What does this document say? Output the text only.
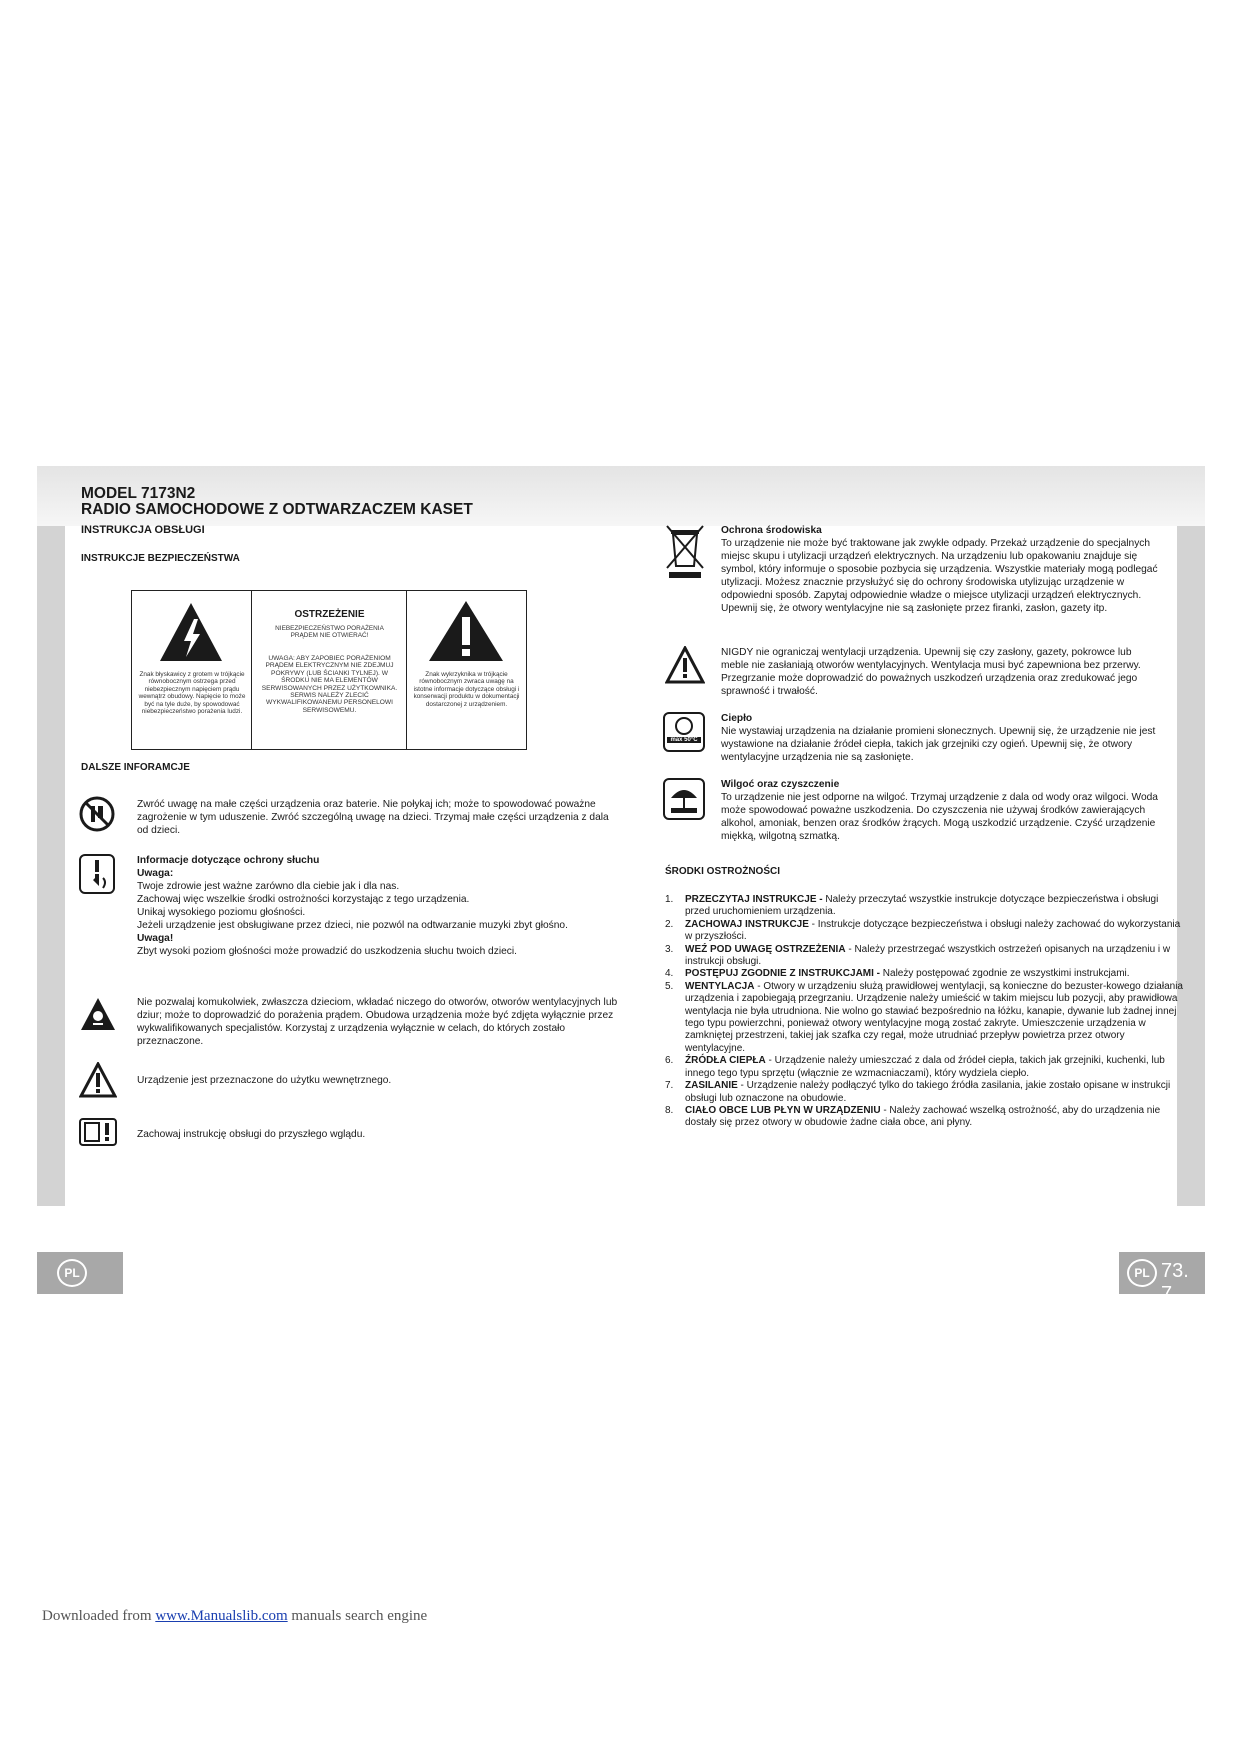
MODEL 7173N2
RADIO SAMOCHODOWE Z ODTWARZACZEM KASET
INSTRUKCJA OBSŁUGI
INSTRUKCJE BEZPIECZEŃSTWA
Znak błyskawicy z grotem w trójkącie równobocznym ostrzega przed niebezpiecznym napięciem prądu wewnątrz obudowy. Napięcie to może być na tyle duże, by spowodować niebezpieczeństwo porażenia ludzi.
OSTRZEŻENIE
NIEBEZPIECZEŃSTWO PORAŻENIA PRĄDEM NIE OTWIERAĆ!
UWAGA: ABY ZAPOBIEC PORAŻENIOM PRĄDEM ELEKTRYCZNYM NIE ZDEJMUJ POKRYWY (LUB ŚCIANKI TYLNEJ). W ŚRODKU NIE MA ELEMENTÓW SERWISOWANYCH PRZEZ UŻYTKOWNIKA. SERWIS NALEŻY ZLECIĆ WYKWALIFIKOWANEMU PERSONELOWI SERWISOWEMU.
Znak wykrzyknika w trójkącie równobocznym zwraca uwagę na istotne informacje dotyczące obsługi i konserwacji produktu w dokumentacji dostarczonej z urządzeniem.
DALSZE INFORAMCJE
Zwróć uwagę na małe części urządzenia oraz baterie. Nie połykaj ich; może to spowodować poważne zagrożenie w tym uduszenie. Zwróć szczególną uwagę na dzieci. Trzymaj małe części urządzenia z dala od dzieci.
Informacje dotyczące ochrony słuchu
Uwaga:
Twoje zdrowie jest ważne zarówno dla ciebie jak i dla nas.
Zachowaj więc wszelkie środki ostrożności korzystając z tego urządzenia.
Unikaj wysokiego poziomu głośności.
Jeżeli urządzenie jest obsługiwane przez dzieci, nie pozwól na odtwarzanie muzyki zbyt głośno.
Uwaga!
Zbyt wysoki poziom głośności może prowadzić do uszkodzenia słuchu twoich dzieci.
Nie pozwalaj komukolwiek, zwłaszcza dzieciom, wkładać niczego do otworów, otworów wentylacyjnych lub dziur; może to doprowadzić do porażenia prądem. Obudowa urządzenia może być zdjęta wyłącznie przez wykwalifikowanych specjalistów. Korzystaj z urządzenia wyłącznie w celach, do których zostało przeznaczone.
Urządzenie jest przeznaczone do użytku wewnętrznego.
Zachowaj instrukcję obsługi do przyszłego wglądu.
PL
Ochrona środowiska
To urządzenie nie może być traktowane jak zwykłe odpady. Przekaż urządzenie do specjalnych miejsc skupu i utylizacji urządzeń elektrycznych. Na urządzeniu lub opakowaniu znajduje się symbol, który informuje o sposobie pozbycia się urządzenia. Wszystkie materiały mogą podlegać utylizacji. Możesz znacznie przysłużyć się do ochrony środowiska utylizując urządzenie w odpowiedni sposób. Zapytaj odpowiednie władze o miejsce utylizacji urządzeń elektrycznych.
Upewnij się, że otwory wentylacyjne nie są zasłonięte przez firanki, zasłon, gazety itp.
NIGDY nie ograniczaj wentylacji urządzenia. Upewnij się czy zasłony, gazety, pokrowce lub meble nie zasłaniają otworów wentylacyjnych. Wentylacja musi być zapewniona bez przerwy. Przegrzanie może doprowadzić do poważnych uszkodzeń urządzenia oraz zredukować jego sprawność i trwałość.
max 50°C
Ciepło
Nie wystawiaj urządzenia na działanie promieni słonecznych. Upewnij się, że urządzenie nie jest wystawione na działanie źródeł ciepła, takich jak grzejniki czy ogień. Upewnij się, że otwory wentylacyjne urządzenia nie są zasłonięte.
Wilgoć oraz czyszczenie
To urządzenie nie jest odporne na wilgoć. Trzymaj urządzenie z dala od wody oraz wilgoci. Woda może spowodować poważne uszkodzenia. Do czyszczenia nie używaj środków zawierających alkohol, amoniak, benzen oraz środków żrących. Mogą uszkodzić urządzenie. Czyść urządzenie miękką, wilgotną szmatką.
ŚRODKI OSTROŻNOŚCI
1. PRZECZYTAJ INSTRUKCJE - Należy przeczytać wszystkie instrukcje dotyczące bezpieczeństwa i obsługi przed uruchomieniem urządzenia.
2. ZACHOWAJ INSTRUKCJE - Instrukcje dotyczące bezpieczeństwa i obsługi należy zachować do wykorzystania w przyszłości.
3. WEŹ POD UWAGĘ OSTRZEŻENIA - Należy przestrzegać wszystkich ostrzeżeń opisanych na urządzeniu i w instrukcji obsługi.
4. POSTĘPUJ ZGODNIE Z INSTRUKCJAMI - Należy postępować zgodnie ze wszystkimi instrukcjami.
5. WENTYLACJA - Otwory w urządzeniu służą prawidłowej wentylacji, są konieczne do bezuster-kowego działania urządzenia i zapobiegają przegrzaniu. Urządzenie należy umieścić w takim miejscu lub pozycji, aby prawidłowa wentylacja nie była utrudniona. Nie wolno go stawiać bezpośrednio na łóżku, kanapie, dywanie lub żadnej innej tego typu powierzchni, ponieważ otwory wentylacyjne mogą zostać zakryte. Umieszczenie urządzenia w zamkniętej przestrzeni, takiej jak szafka czy regał, może utrudniać przepływ powietrza przez otwory wentylacyjne.
6. ŹRÓDŁA CIEPŁA - Urządzenie należy umieszczać z dala od źródeł ciepła, takich jak grzejniki, kuchenki, lub innego tego typu sprzętu (włącznie ze wzmacniaczami), który wydziela ciepło.
7. ZASILANIE - Urządzenie należy podłączyć tylko do takiego źródła zasilania, jakie zostało opisane w instrukcji obsługi lub oznaczone na obudowie.
8. CIAŁO OBCE LUB PŁYN W URZĄDZENIU - Należy zachować wszelką ostrożność, aby do urządzenia nie dostały się przez otwory w obudowie żadne ciała obce, ani płyny.
PL 73. 7
Downloaded from www.Manualslib.com manuals search engine
